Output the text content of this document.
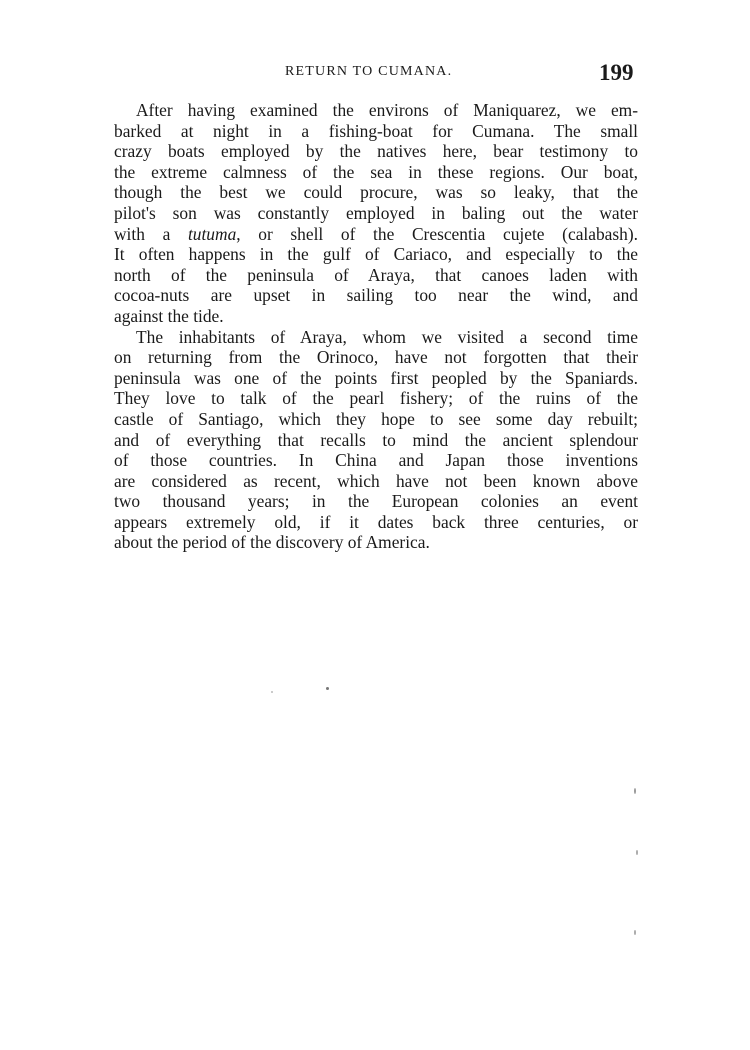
RETURN TO CUMANA.	199
After having examined the environs of Maniquarez, we em-
barked at night in a fishing-boat for Cumana. The small
crazy boats employed by the natives here, bear testimony to
the extreme calmness of the sea in these regions. Our boat,
though the best we could procure, was so leaky, that the
pilot's son was constantly employed in baling out the water
with a tutuma, or shell of the Crescentia cujete (calabash).
It often happens in the gulf of Cariaco, and especially to the
north of the peninsula of Araya, that canoes laden with
cocoa-nuts are upset in sailing too near the wind, and
against the tide.
The inhabitants of Araya, whom we visited a second time
on returning from the Orinoco, have not forgotten that their
peninsula was one of the points first peopled by the Spaniards.
They love to talk of the pearl fishery; of the ruins of the
castle of Santiago, which they hope to see some day rebuilt;
and of everything that recalls to mind the ancient splendour
of those countries. In China and Japan those inventions
are considered as recent, which have not been known above
two thousand years; in the European colonies an event
appears extremely old, if it dates back three centuries, or
about the period of the discovery of America.
